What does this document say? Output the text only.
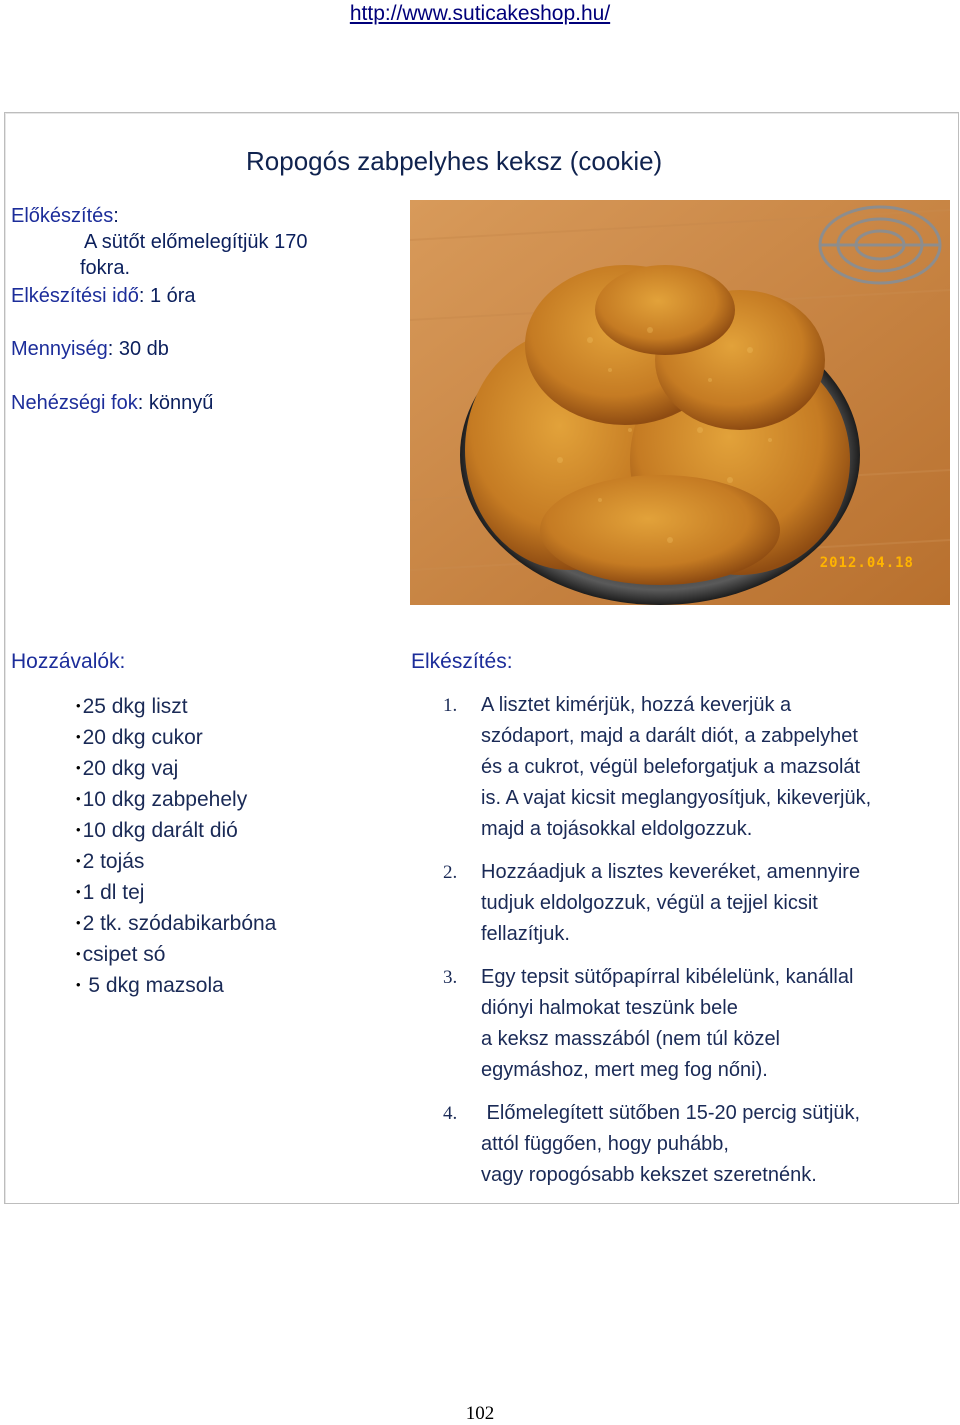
http://www.suticakeshop.hu/
Ropogós zabpelyhes keksz (cookie)
Előkészítés:
A sütőt előmelegítjük 170
fokra.
Elkészítési idő: 1 óra
Mennyiség: 30 db
Nehézségi fok: könnyű
2012.04.18
Hozzávalók:
•25 dkg liszt
•20 dkg cukor
•20 dkg vaj
•10 dkg zabpehely
•10 dkg darált dió
•2 tojás
•1 dl tej
•2 tk. szódabikarbóna
•csipet só
• 5 dkg mazsola
Elkészítés:
1. A lisztet kimérjük, hozzá keverjük a
szódaport, majd a darált diót, a zabpelyhet
és a cukrot, végül beleforgatjuk a mazsolát
is. A vajat kicsit meglangyosítjuk, kikeverjük,
majd a tojásokkal eldolgozzuk.
2. Hozzáadjuk a lisztes keveréket, amennyire
tudjuk eldolgozzuk, végül a tejjel kicsit
fellazítjuk.
3. Egy tepsit sütőpapírral kibélelünk, kanállal
diónyi halmokat teszünk bele
a keksz masszából (nem túl közel
egymáshoz, mert meg fog nőni).
4. Előmelegített sütőben 15-20 percig sütjük,
attól függően, hogy puhább,
vagy ropogósabb kekszet szeretnénk.
102
